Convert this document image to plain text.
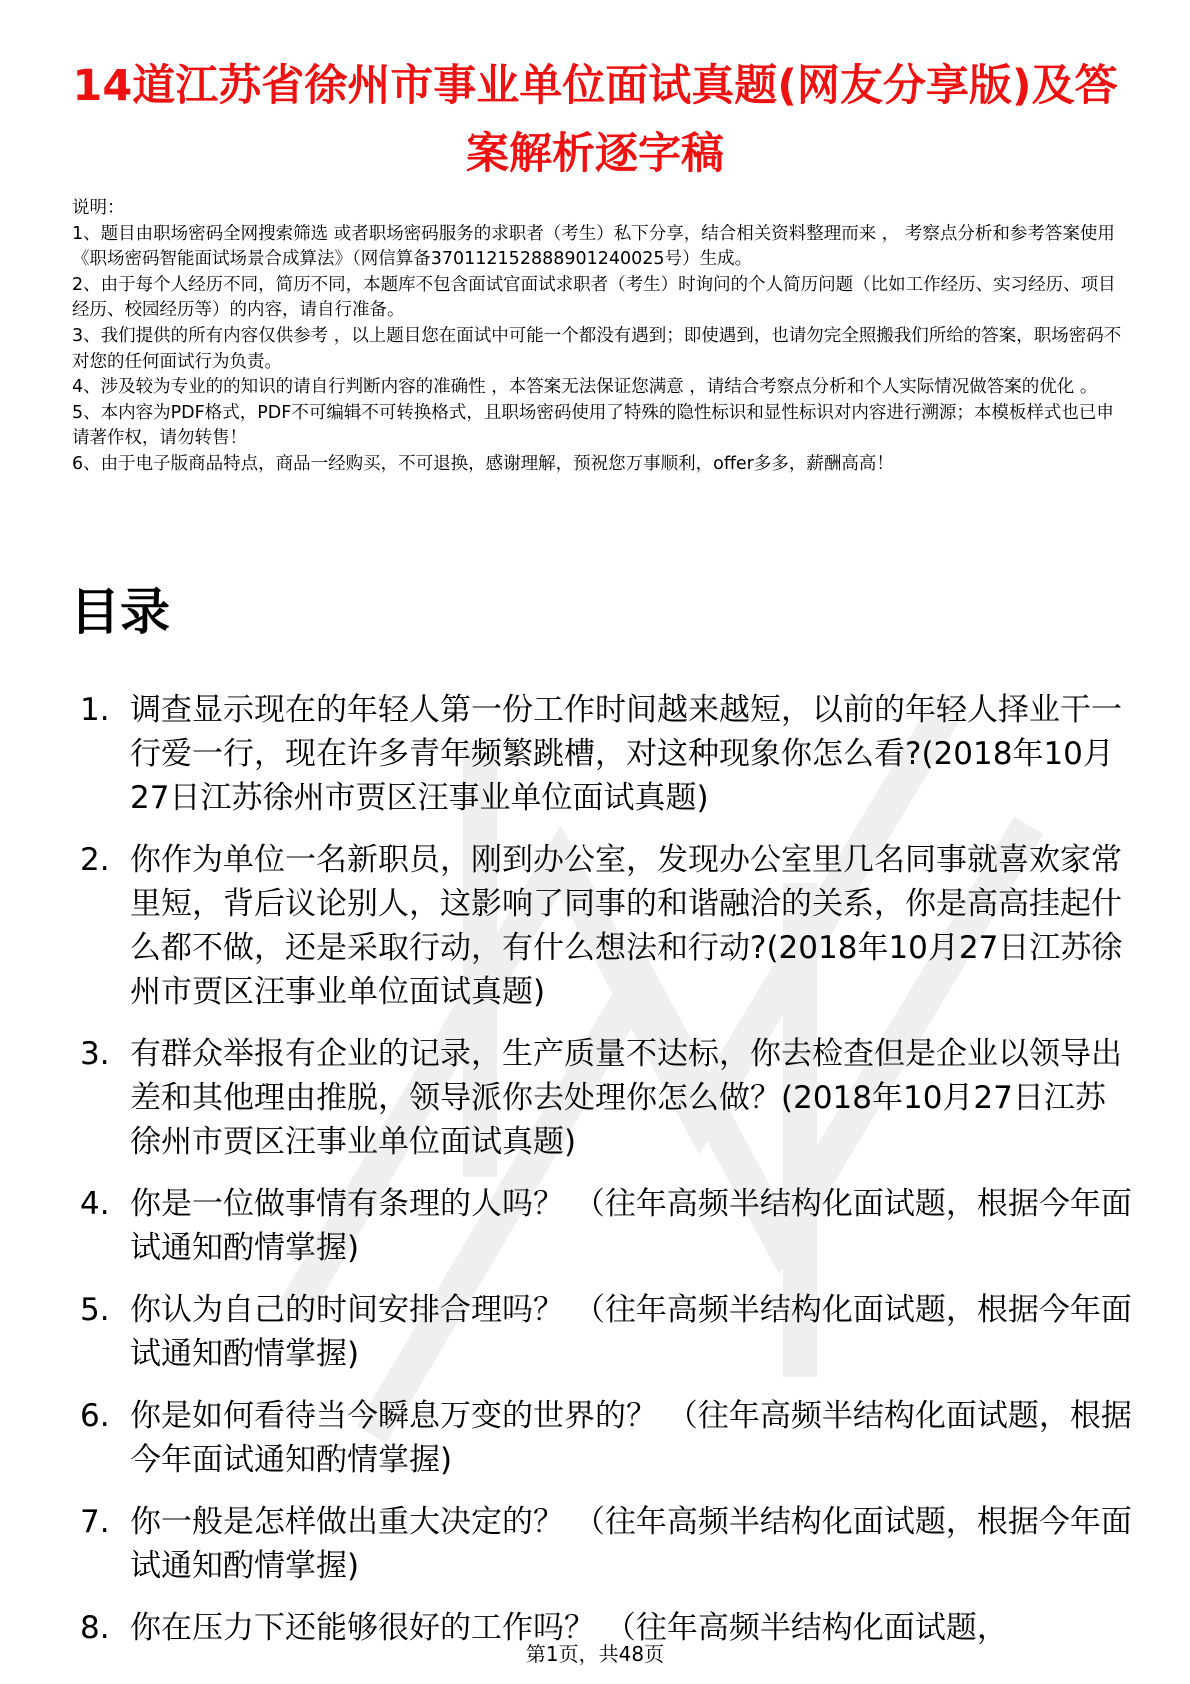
14道江苏省徐州市事业单位面试真题(网友分享版)及答案解析逐字稿

说明：

1、题目由职场密码全网搜索筛选 或者职场密码服务的求职者（考生）私下分享，结合相关资料整理而来 ， 考察点分析和参考答案使用《职场密码智能面试场景合成算法》（网信算备370112152888901240025号）生成。

2、由于每个人经历不同，简历不同，本题库不包含面试官面试求职者（考生）时询问的个人简历问题（比如工作经历、实习经历、项目经历、校园经历等）的内容，请自行准备。

3、我们提供的所有内容仅供参考 ，以上题目您在面试中可能一个都没有遇到；即使遇到，也请勿完全照搬我们所给的答案，职场密码不对您的任何面试行为负责。

4、涉及较为专业的的知识的请自行判断内容的准确性 ，本答案无法保证您满意 ，请结合考察点分析和个人实际情况做答案的优化 。

5、本内容为PDF格式，PDF不可编辑不可转换格式，且职场密码使用了特殊的隐性标识和显性标识对内容进行溯源；本模板样式也已申请著作权，请勿转售！

6、由于电子版商品特点，商品一经购买，不可退换，感谢理解，预祝您万事顺利，offer多多，薪酬高高！

目录
1. 调查显示现在的年轻人第一份工作时间越来越短，以前的年轻人择业干一行爱一行，现在许多青年频繁跳槽，对这种现象你怎么看?(2018年10月27日江苏徐州市贾区汪事业单位面试真题)
2. 你作为单位一名新职员，刚到办公室，发现办公室里几名同事就喜欢家常里短，背后议论别人，这影响了同事的和谐融洽的关系，你是高高挂起什么都不做，还是采取行动，有什么想法和行动?(2018年10月27日江苏徐州市贾区汪事业单位面试真题)
3. 有群众举报有企业的记录，生产质量不达标，你去检查但是企业以领导出差和其他理由推脱，领导派你去处理你怎么做？(2018年10月27日江苏徐州市贾区汪事业单位面试真题)
4. 你是一位做事情有条理的人吗？ （往年高频半结构化面试题，根据今年面试通知酌情掌握)
5. 你认为自己的时间安排合理吗？ （往年高频半结构化面试题，根据今年面试通知酌情掌握)
6. 你是如何看待当今瞬息万变的世界的？ （往年高频半结构化面试题，根据今年面试通知酌情掌握)
7. 你一般是怎样做出重大决定的？ （往年高频半结构化面试题，根据今年面试通知酌情掌握)
8. 你在压力下还能够很好的工作吗？ （往年高频半结构化面试题，
第1页，共48页
